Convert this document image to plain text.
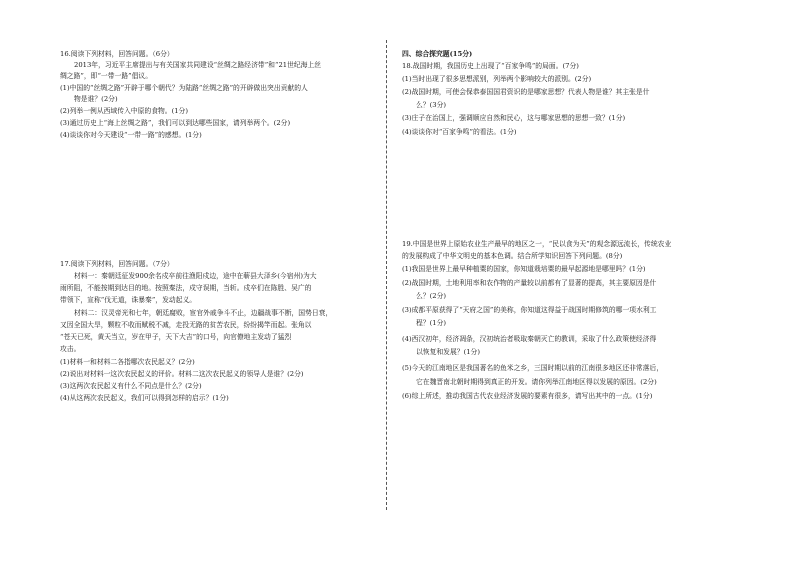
16.阅读下列材料，回答问题。（6分）
2013年，习近平主席提出与有关国家共同建设“丝绸之路经济带”和“21世纪海上丝
绸之路”，即“一带一路”倡议。
(1)中国的“丝绸之路”开辟于哪个朝代？为陆路“丝绸之路”的开辟做出突出贡献的人
物是谁？(2分)
(2)列举一例从西域传入中原的食物。(1分)
(3)通过历史上“海上丝绸之路”，我们可以到达哪些国家，请列举两个。(2分)
(4)谈谈你对今天建设“一带一路”的感想。(1分)
17.阅读下列材料，回答问题。（7分）
材料一：秦朝廷征发900余名戍卒前往渔阳戍边，途中在蕲县大泽乡(今宿州)为大
雨所阻，不能按期到达目的地。按照秦法，戍守误期，当斩。戍卒们在陈胜、吴广的
带领下，宣称“伐无道，诛暴秦”，发动起义。
材料二：汉灵帝光和七年，朝廷腐败，宦官外戚争斗不止，边疆战事不断，国势日衰，
又因全国大旱，颗粒不收而赋税不减，走投无路的贫苦农民，纷纷揭竿而起。张角以
“苍天已死，黄天当立，岁在甲子，天下大吉”的口号，向官僚地主发动了猛烈
攻击。
(1)材料一和材料二各指哪次农民起义？(2分)
(2)说出对材料一这次农民起义的评价。材料二这次农民起义的领导人是谁？(2分)
(3)这两次农民起义有什么不同点是什么？(2分)
(4)从这两次农民起义，我们可以得到怎样的启示？(1分)
四、综合探究题(15分)
18.战国时期，我国历史上出现了“百家争鸣”的局面。(7分)
(1)当时出现了很多思想派别，列举两个影响较大的派别。(2分)
(2)战国时期，可使会保恭泰国国君资识的是哪家思想？代表人物是谁？其主张是什
么？(3分)
(3)庄子在治国上，强调顺应自然和民心，这与哪家思想的思想一致？(1分)
(4)谈谈你对“百家争鸣”的看法。(1分)
19.中国是世界上原始农业生产最早的地区之一，“民以食为天”的观念源远流长，传统农业
的发展构成了中华文明史的基本色调。结合所学知识回答下列问题。(8分)
(1)我国是世界上最早种植粟的国家，你知道栽培粟的最早起源地是哪里吗？(1分)
(2)战国时期，土地利用率和农作物的产量较以前都有了显著的提高，其主要原因是什
么？(2分)
(3)成都平原获得了“天府之国”的美称，你知道这得益于战国时期修筑的哪一项水利工
程？(1分)
(4)西汉初年，经济凋条，汉初统治者吸取秦朝灭亡的教训，采取了什么政策使经济得
以恢复和发展？(1分)
(5)今天的江南地区是我国著名的鱼米之乡，三国时期以前的江南很多地区还非常落后，
它在魏晋南北朝时期得到真正的开发。请你列举江南地区得以发展的原因。(2分)
(6)综上所述，推动我国古代农业经济发展的要素有很多，请写出其中的一点。(1分)
